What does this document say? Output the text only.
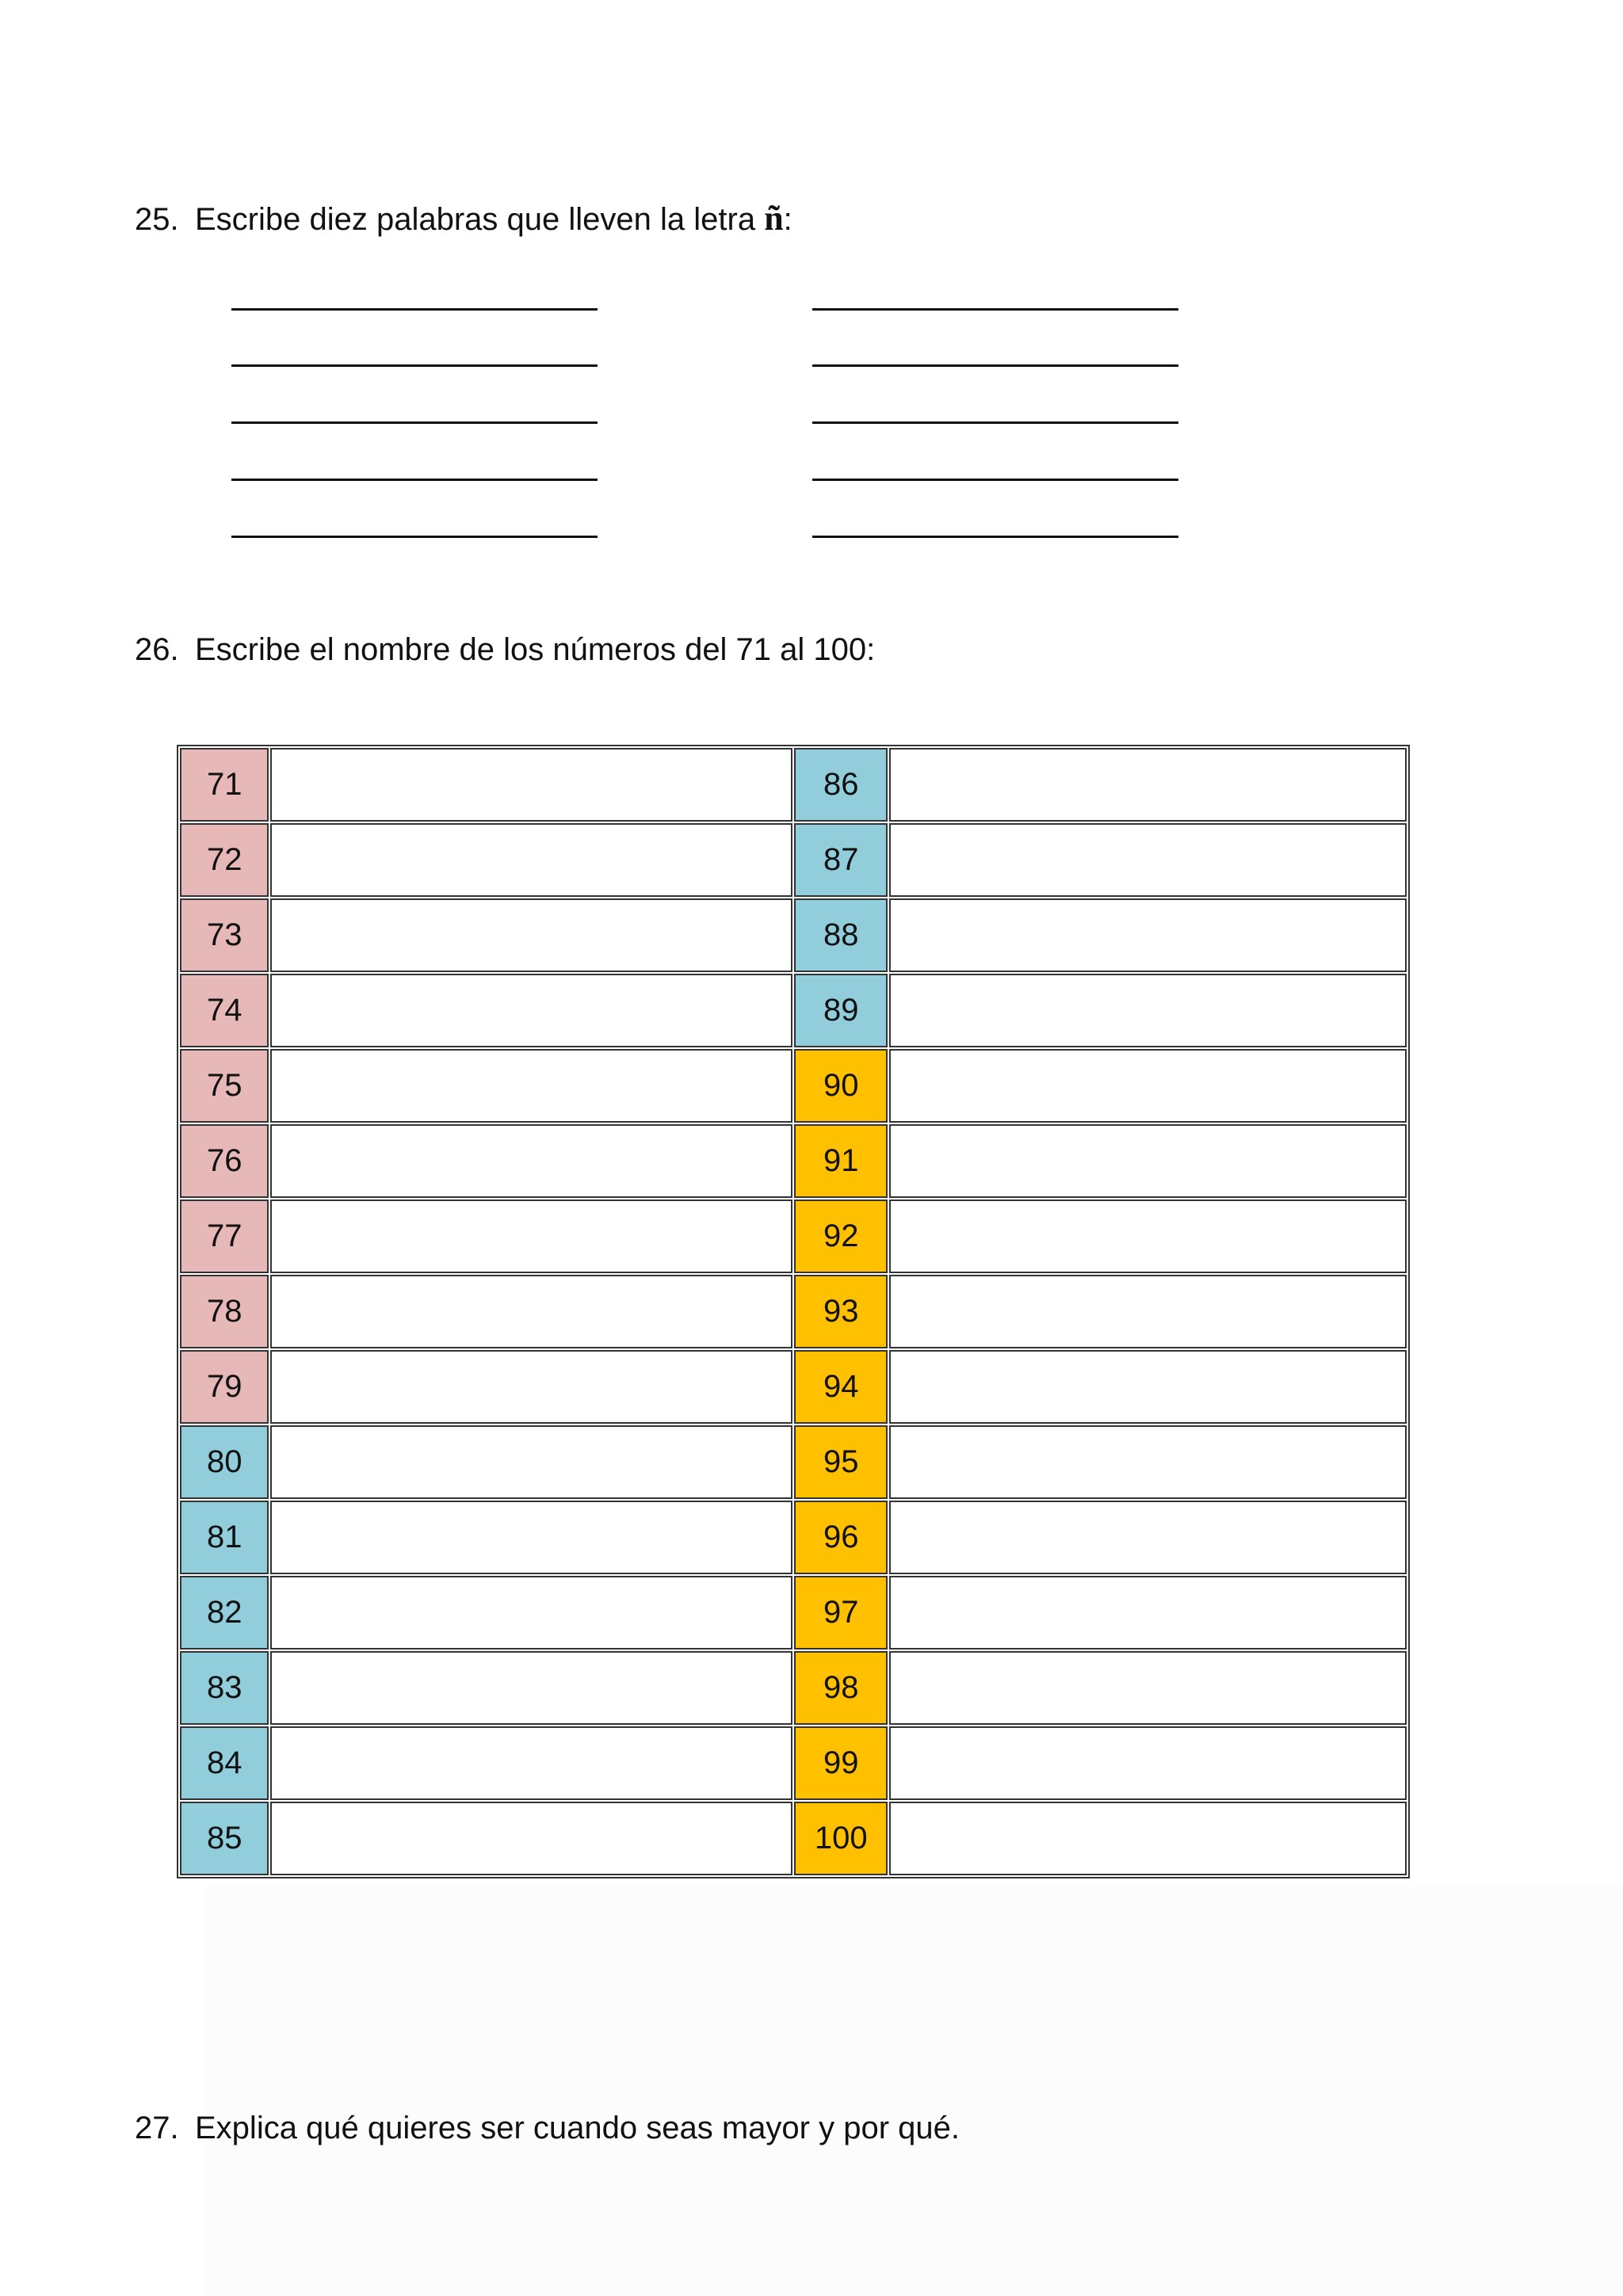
25. Escribe diez palabras que lleven la letra ñ:
26. Escribe el nombre de los números del 71 al 100:
71		86	
72		87	
73		88	
74		89	
75		90	
76		91	
77		92	
78		93	
79		94	
80		95	
81		96	
82		97	
83		98	
84		99	
85		100	
27. Explica qué quieres ser cuando seas mayor y por qué.
